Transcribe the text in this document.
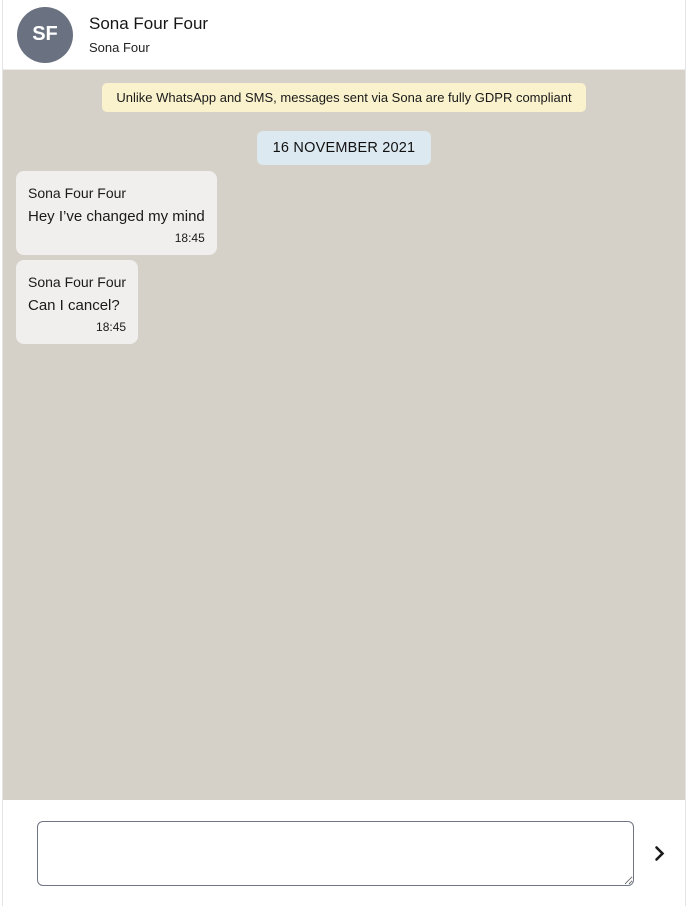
SF Sona Four Four
Sona Four
Unlike WhatsApp and SMS, messages sent via Sona are fully GDPR compliant
16 NOVEMBER 2021
Sona Four Four
Hey I’ve changed my mind
18:45
Sona Four Four
Can I cancel?
18:45
